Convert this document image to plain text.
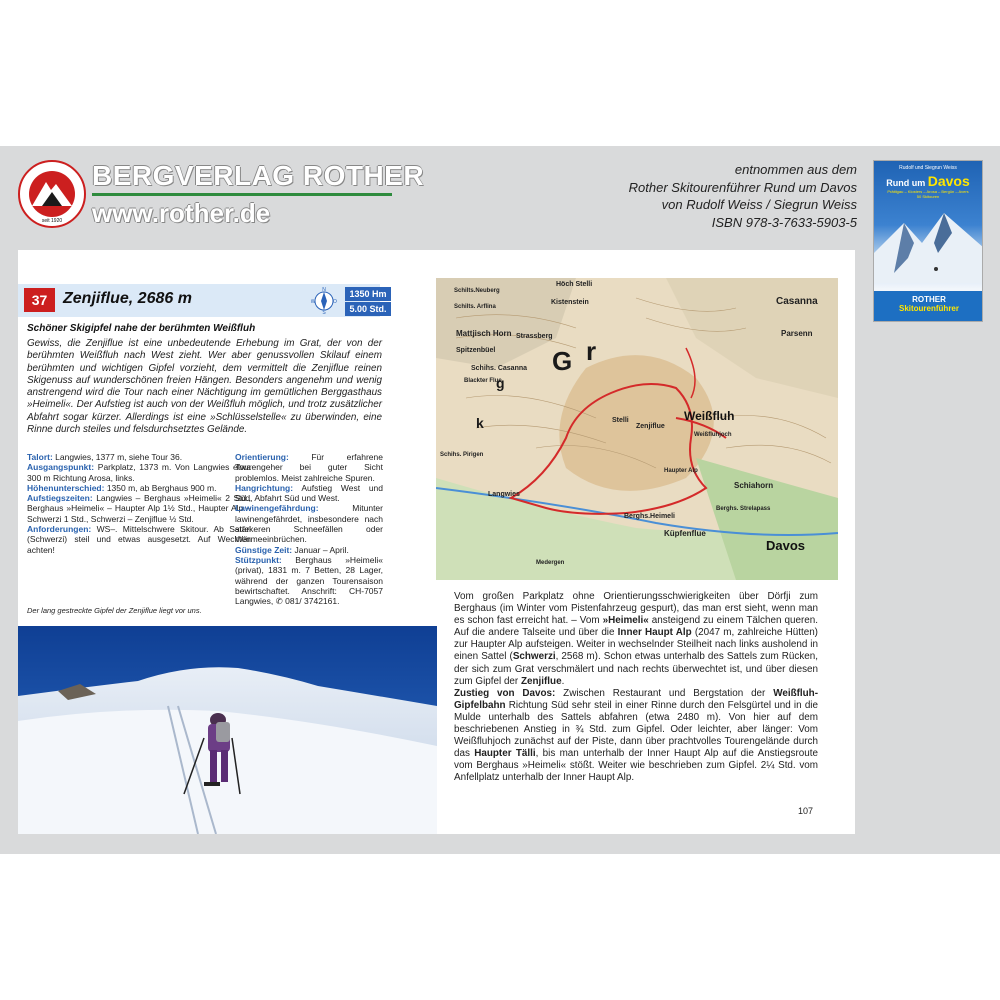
seit 1920
BERGVERLAG ROTHER
www.rother.de
entnommen aus dem
Rother Skitourenführer Rund um Davos
von Rudolf Weiss / Siegrun Weiss
ISBN 978-3-7633-5903-5
Rudolf und Siegrun Weiss
Rund um Davos
Prättigau – Klosters – Arosa – Bergün – Avers
50 Skitouren
ROTHER
Skitourenführer
37 Zenjiflue, 2686 m	N
W	O
S
1350 Hm
5.00 Std.
Schöner Skigipfel nahe der berühmten Weißfluh
Gewiss, die Zenjiflue ist eine unbedeutende Erhebung im Grat, der von der berühmten Weißfluh nach West zieht. Wer aber genussvollen Skilauf einem berühmten und wichtigen Gipfel vorzieht, dem vermittelt die Zenjiflue reinen Skigenuss auf wunderschönen freien Hängen. Besonders angenehm und wenig anstrengend wird die Tour nach einer Nächtigung im gemütlichen Berggasthaus »Heimeli«. Der Aufstieg ist auch von der Weißfluh möglich, und trotz zusätzlicher Abfahrt sogar kürzer. Allerdings ist eine »Schlüsselstelle« zu überwinden, eine Rinne durch steiles und felsdurchsetztes Gelände.
Talort: Langwies, 1377 m, siehe Tour 36.
Ausgangspunkt: Parkplatz, 1373 m. Von Langwies etwa 300 m Richtung Arosa, links.
Höhenunterschied: 1350 m, ab Berghaus 900 m.
Aufstiegszeiten: Langwies – Berghaus »Heimeli« 2 Std., Berghaus »Heimeli« – Haupter Alp 1½ Std., Haupter Alp – Schwerzi 1 Std., Schwerzi – Zenjiflue ½ Std.
Anforderungen: WS–. Mittelschwere Skitour. Ab Sattel (Schwerzi) steil und etwas ausgesetzt. Auf Wechten achten!
Orientierung: Für erfahrene Tourengeher bei guter Sicht problemlos. Meist zahlreiche Spuren.
Hangrichtung: Aufstieg West und Süd, Abfahrt Süd und West.
Lawinengefährdung: Mitunter lawinengefährdet, insbesondere nach stärkeren Schneefällen oder Wärmeeinbrüchen.
Günstige Zeit: Januar – April.
Stützpunkt: Berghaus »Heimeli« (privat), 1831 m. 7 Betten, 28 Lager, während der ganzen Tourensaison bewirtschaftet. Anschrift: CH-7057 Langwies, ✆ 081/ 3742161.
Der lang gestreckte Gipfel der Zenjiflue liegt vor uns.
G r
g
k
Höch Stelli
Kistenstein
Schilts.Neuberg
Schilts. Arflina
Mattjisch Horn
Spitzenbüel
Strassberg
Schihs. Casanna
Blackter Flue
Casanna
Parsenn
Weißfluh
Weißfluhjoch
Zenjiflue
Stelli
Berghs.Heimeli
Haupter Alp
Langwies
Schiahorn
Berghs. Strelapass
Küpfenflue
Davos
Schihs. Pirigen
Medergen
Vom großen Parkplatz ohne Orientierungsschwierigkeiten über Dörfji zum Berghaus (im Winter vom Pistenfahrzeug gespurt), das man erst sieht, wenn man es schon fast erreicht hat. – Vom »Heimeli« ansteigend zu einem Tälchen queren. Auf die andere Talseite und über die Inner Haupt Alp (2047 m, zahlreiche Hütten) zur Haupter Alp aufsteigen. Weiter in wechselnder Steilheit nach links ausholend in einen Sattel (Schwerzi, 2568 m). Schon etwas unterhalb des Sattels zum Rücken, der sich zum Grat verschmälert und nach rechts überwechtet ist, und über diesen zum Gipfel der Zenjiflue.
Zustieg von Davos: Zwischen Restaurant und Bergstation der Weißfluh-Gipfelbahn Richtung Süd sehr steil in einer Rinne durch den Felsgürtel und in die Mulde unterhalb des Sattels abfahren (etwa 2480 m). Von hier auf dem beschriebenen Anstieg in ¾ Std. zum Gipfel. Oder leichter, aber länger: Vom Weißfluhjoch zunächst auf der Piste, dann über prachtvolles Tourengelände durch das Haupter Tälli, bis man unterhalb der Inner Haupt Alp auf die Anstiegsroute vom Berghaus »Heimeli« stößt. Weiter wie beschrieben zum Gipfel. 2¼ Std. vom Anfellplatz unterhalb der Inner Haupt Alp.
107
